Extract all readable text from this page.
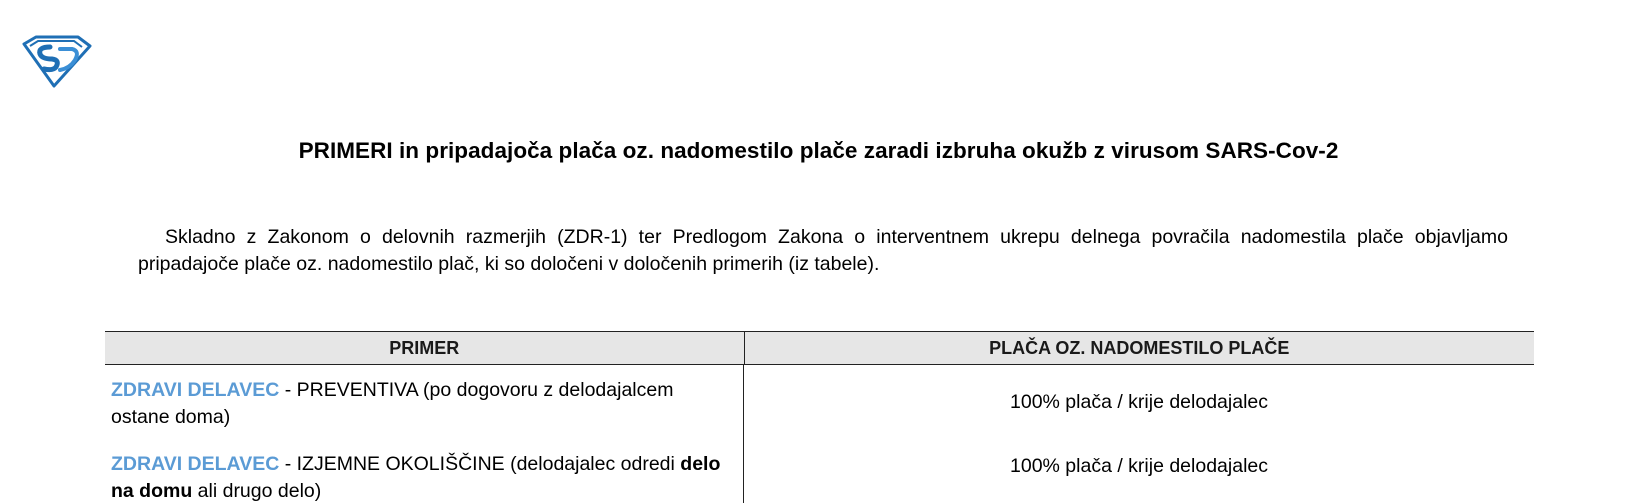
PRIMERI in pripadajoča plača oz. nadomestilo plače zaradi izbruha okužb z virusom SARS-Cov-2
Skladno z Zakonom o delovnih razmerjih (ZDR-1) ter Predlogom Zakona o interventnem ukrepu delnega povračila nadomestila plače objavljamo pripadajoče plače oz. nadomestilo plač, ki so določeni v določenih primerih (iz tabele).
PRIMER	PLAČA OZ. NADOMESTILO PLAČE
ZDRAVI DELAVEC - PREVENTIVA (po dogovoru z delodajalcem ostane doma)
100% plača / krije delodajalec
ZDRAVI DELAVEC - IZJEMNE OKOLIŠČINE (delodajalec odredi delo na domu ali drugo delo)
100% plača / krije delodajalec
